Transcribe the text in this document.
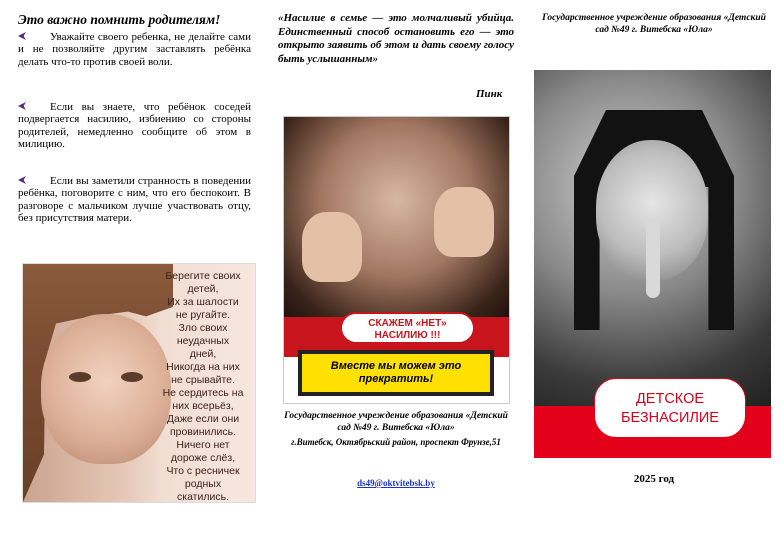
Это важно помнить родителям!
Уважайте своего ребенка, не делайте сами и не позволяйте другим заставлять ребёнка делать что-то против своей воли.
Если вы знаете, что ребёнок соседей подвергается насилию, избиению со стороны родителей, немедленно сообщите об этом в милицию.
Если вы заметили странность в поведении ребёнка, поговорите с ним, что его беспокоит. В разговоре с мальчиком лучше участвовать отцу, без присутствия матери.
Берегите своих
детей,
Их за шалости
не ругайте.
Зло своих
неудачных
дней,
Никогда на них
не срывайте.
Не сердитесь на
них всерьёз,
Даже если они
провинились.
Ничего нет
дороже слёз,
Что с ресничек
родных
скатились.
«Насилие в семье — это молчаливый убийца. Единственный способ остановить его — это открыто заявить об этом и дать своему голосу быть услышанным»
Пинк
СКАЖЕМ «НЕТ» НАСИЛИЮ !!!
Вместе мы можем это прекратить!
Государственное учреждение образования «Детский сад №49 г. Витебска «Юла»
г.Витебск, Октябрьский район, проспект Фрунзе,51
ds49@oktvitebsk.by
Государственное учреждение образования «Детский сад №49 г. Витебска «Юла»
ДЕТСКОЕ БЕЗНАСИЛИЕ
2025 год
